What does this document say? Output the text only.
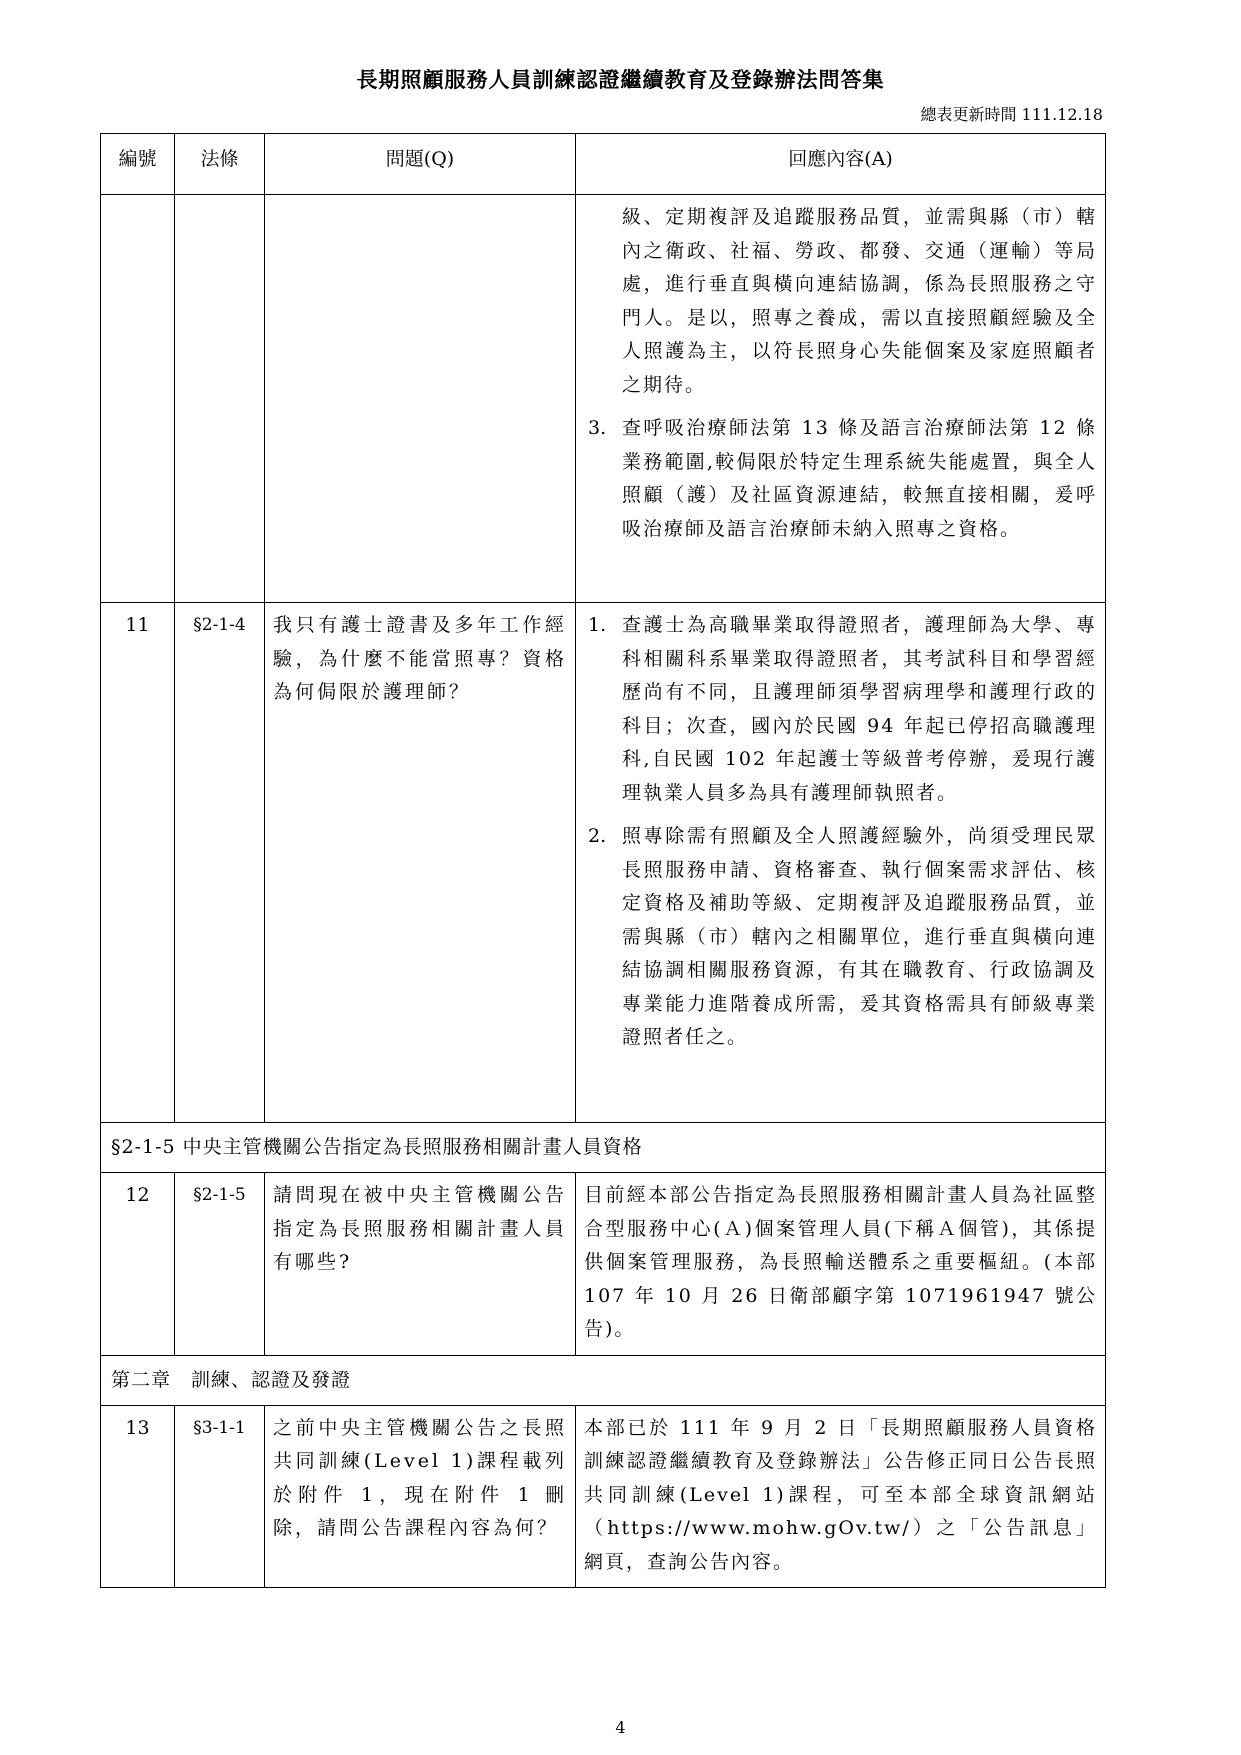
長期照顧服務人員訓練認證繼續教育及登錄辦法問答集
總表更新時間 111.12.18
編號	法條	問題(Q)	回應內容(A)

			級、定期複評及追蹤服務品質，並需與縣（市）轄內之衛政、社福、勞政、都發、交通（運輸）等局處，進行垂直與橫向連結協調，係為長照服務之守門人。是以，照專之養成，需以直接照顧經驗及全人照護為主，以符長照身心失能個案及家庭照顧者之期待。
3. 查呼吸治療師法第 13 條及語言治療師法第 12 條業務範圍,較侷限於特定生理系統失能處置，與全人照顧（護）及社區資源連結，較無直接相關，爰呼吸治療師及語言治療師未納入照專之資格。

11	§2-1-4	我只有護士證書及多年工作經驗，為什麼不能當照專？資格為何侷限於護理師？	1. 查護士為高職畢業取得證照者，護理師為大學、專科相關科系畢業取得證照者，其考試科目和學習經歷尚有不同，且護理師須學習病理學和護理行政的科目；次查，國內於民國 94 年起已停招高職護理科,自民國 102 年起護士等級普考停辦，爰現行護理執業人員多為具有護理師執照者。
2. 照專除需有照顧及全人照護經驗外，尚須受理民眾長照服務申請、資格審查、執行個案需求評估、核定資格及補助等級、定期複評及追蹤服務品質，並需與縣（市）轄內之相關單位，進行垂直與橫向連結協調相關服務資源，有其在職教育、行政協調及專業能力進階養成所需，爰其資格需具有師級專業證照者任之。

§2-1-5 中央主管機關公告指定為長照服務相關計畫人員資格			
12	§2-1-5	請問現在被中央主管機關公告指定為長照服務相關計畫人員有哪些?	目前經本部公告指定為長照服務相關計畫人員為社區整合型服務中心(Ａ)個案管理人員(下稱Ａ個管)，其係提供個案管理服務，為長照輸送體系之重要樞紐。(本部 107 年 10 月 26 日衛部顧字第 1071961947 號公告)。
第二章　訓練、認證及發證			
13	§3-1-1	之前中央主管機關公告之長照共同訓練(Level 1)課程載列於附件 1，現在附件 1 刪除，請問公告課程內容為何？	本部已於 111 年 9 月 2 日「長期照顧服務人員資格訓練認證繼續教育及登錄辦法」公告修正同日公告長照共同訓練(Level 1)課程，可至本部全球資訊網站（https://www.mohw.gOv.tw/）之「公告訊息」網頁，查詢公告內容。
4
